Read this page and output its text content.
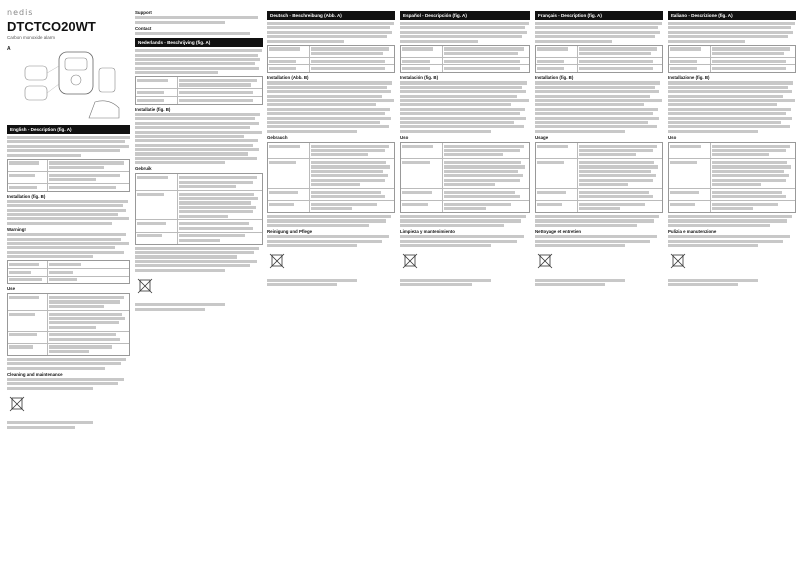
nedis
DTCTCO20WT
Carbon monoxide alarm
A
English - Description (fig. A)
Installation (fig. B)
Warning!
Use
Cleaning and maintenance
Support
Contact
Nederlands - Beschrijving (fig. A)
Installatie (fig. B)
Gebruik
Deutsch - Beschreibung (Abb. A)
Installation (Abb. B)
Gebrauch
Reinigung und Pflege
Español - Descripción (fig. A)
Instalación (fig. B)
Uso
Limpieza y mantenimiento
Français - Description (fig. A)
Installation (fig. B)
Usage
Nettoyage et entretien
Italiano - Descrizione (fig. A)
Installazione (fig. B)
Uso
Pulizia e manutenzione
